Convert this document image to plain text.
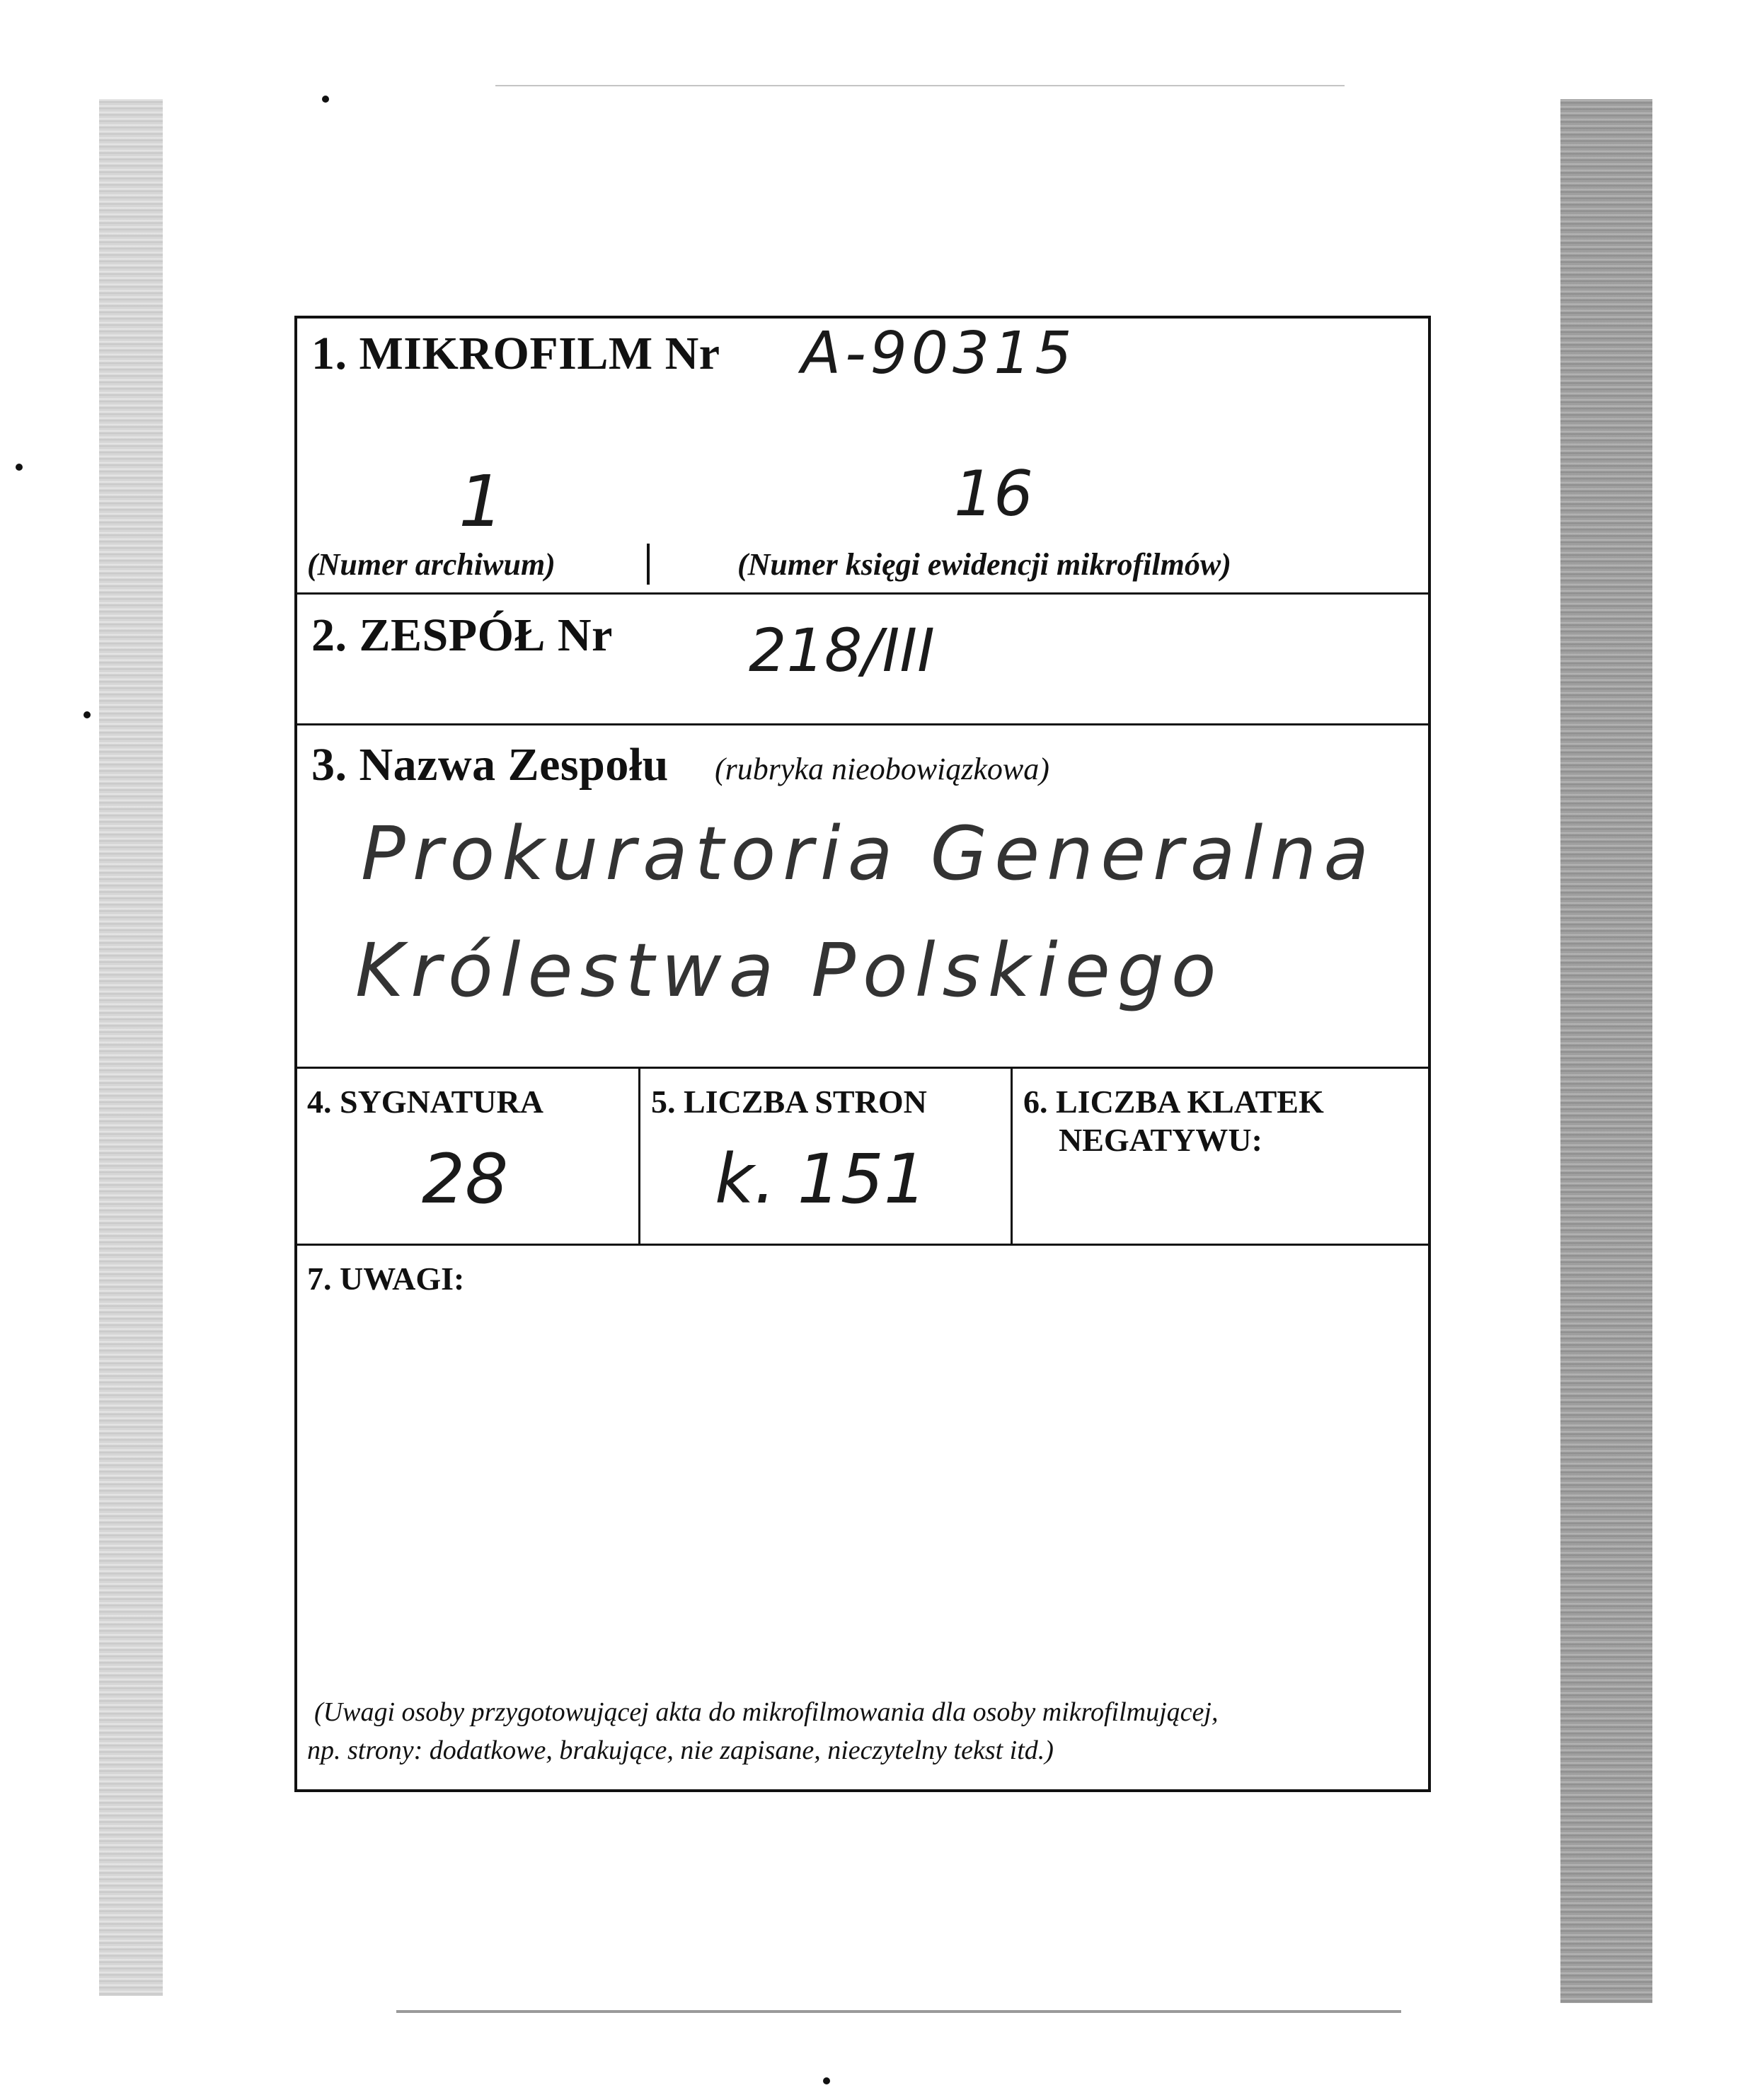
1. MIKROFILM Nr A-90315
1	16
(Numer archiwum)	(Numer księgi ewidencji mikrofilmów)
2. ZESPÓŁ Nr 218/III
3. Nazwa Zespołu (rubryka nieobowiązkowa)
Prokuratoria Generalna
Królestwa Polskiego
4. SYGNATURA
28
5. LICZBA STRON
k. 151
6. LICZBA KLATEK
NEGATYWU:
7. UWAGI:
(Uwagi osoby przygotowującej akta do mikrofilmowania dla osoby mikrofilmującej,
np. strony: dodatkowe, brakujące, nie zapisane, nieczytelny tekst itd.)
